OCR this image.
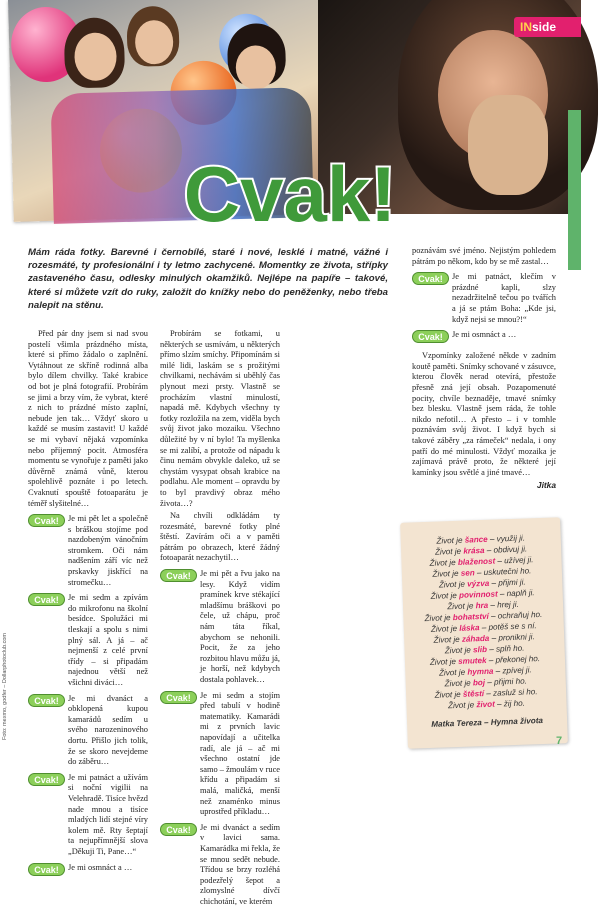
INside
Cvak!
Mám ráda fotky. Barevné i černobílé, staré i nové, lesklé i matné, vážné i rozesmáté, ty profesionální i ty letmo zachycené. Momentky ze života, střípky zastaveného času, odlesky minulých okamžiků. Nejlépe na papíře – takové, které si můžete vzít do ruky, založit do knížky nebo do peněženky, nebo třeba nalepit na stěnu.

Před pár dny jsem si nad svou postelí všimla prázdného místa, které si přímo žádalo o zaplnění. Vytáhnout ze skříně rodinná alba bylo dílem chvilky. Také krabice od bot je plná fotografií. Probírám se jimi a brzy vím, že vybrat, které z nich to prázdné místo zaplní, nebude jen tak… Vždyť skoro u každé se musím zastavit! U každé se mi vybaví nějaká vzpomínka nebo příjemný pocit. Atmosféra momentu se vynořuje z paměti jako důvěrně známá vůně, kterou spolehlivě poznáte i po letech. Cvaknutí spouště fotoaparátu je téměř slyšitelné…

Cvak!	Je mi pět let a společně s bráškou stojíme pod nazdobeným vánočním stromkem. Oči nám nadšením září víc než prskavky jiskřící na stromečku…

Cvak!	Je mi sedm a zpívám do mikrofonu na školní besídce. Spolužáci mi tleskají a spolu s nimi plný sál. A já – ač nejmenší z celé první třídy – si připadám najednou větší než všichni diváci…

Cvak!	Je mi dvanáct a obklopená kupou kamarádů sedím u svého narozeninového dortu. Přišlo jich tolik, že se skoro nevejdeme do záběru…

Cvak!	Je mi patnáct a užívám si noční vigilii na Velehradě. Tisíce hvězd nade mnou a tisíce mladých lidí stejné víry kolem mě. Rty šeptají ta nejupřímnější slova „Děkuji Ti, Pane…“

Cvak!	Je mi osmnáct a …

Probírám se fotkami, u některých se usmívám, u některých přímo slzím smíchy. Připomínám si milé lidi, laskám se s prožitými chvilkami, nechávám si uběhlý čas plynout mezi prsty. Vlastně se procházím vlastní minulostí, napadá mě. Kdybych všechny ty fotky rozložila na zem, viděla bych svůj život jako mozaiku. Všechno důležité by v ní bylo! Ta myšlenka se mi zalíbí, a protože od nápadu k činu nemám obvykle daleko, už se chystám vysypat obsah krabice na podlahu. Ale moment – opravdu by to byl pravdivý obraz mého života…?

Na chvíli odkládám ty rozesmáté, barevné fotky plné štěstí. Zavírám oči a v paměti pátrám po obrazech, které žádný fotoaparát nezachytil…

Cvak!	Je mi pět a řvu jako na lesy. Když vidím pramínek krve stékající mladšímu bráškovi po čele, už chápu, proč nám táta říkal, abychom se nehonili. Pocit, že za jeho rozbitou hlavu můžu já, je horší, než kdybych dostala pohlavek…

Cvak!	Je mi sedm a stojím před tabulí v hodině matematiky. Kamarádi mi z prvních lavic napovídají a učitelka radí, ale já – ač mi všechno ostatní jde samo – žmoulám v ruce křídu a připadám si malá, maličká, menší než znaménko minus uprostřed příkladu…

Cvak!	Je mi dvanáct a sedím v lavici sama. Kamarádka mi řekla, že se mnou sedět nebude. Třídou se brzy rozléhá podezřelý šepot a zlomyslné dívčí chichotání, ve kterém

poznávám své jméno. Nejistým pohledem pátrám po někom, kdo by se mě zastal…

Cvak!	Je mi patnáct, klečím v prázdné kapli, slzy nezadržitelně tečou po tvářích a já se ptám Boha: „Kde jsi, když nejsi se mnou?!“

Cvak!	Je mi osmnáct a …

Vzpomínky založené někde v zadním koutě paměti. Snímky schované v zásuvce, kterou člověk nerad otevírá, přestože přesně zná její obsah. Pozapomenuté pocity, chvíle beznaděje, tmavé snímky bez blesku. Vlastně jsem ráda, že tohle nikdo nefotil… A přesto – i v tomhle poznávám svůj život. I když bych si takové záběry „za rámeček“ nedala, i ony patří do mé minulosti. Vždyť mozaika je zajímavá právě proto, že některé její kamínky jsou světlé a jiné tmavé…

Jitka
Život je šance – využij ji.
Život je krása – obdivuj ji.
Život je blaženost – užívej ji.
Život je sen – uskutečni ho.
Život je výzva – přijmi ji.
Život je povinnost – naplň ji.
Život je hra – hrej ji.
Život je bohatství – ochraňuj ho.
Život je láska – potěš se s ní.
Život je záhada – pronikni ji.
Život je slib – splň ho.
Život je smutek – překonej ho.
Život je hymna – zpívej ji.
Život je boj – přijmi ho.
Život je štěstí – zasluž si ho.
Život je život – žij ho.
Matka Tereza – Hymna života
Foto: mexmo, godfer – Dollarphotoclub.com
7
